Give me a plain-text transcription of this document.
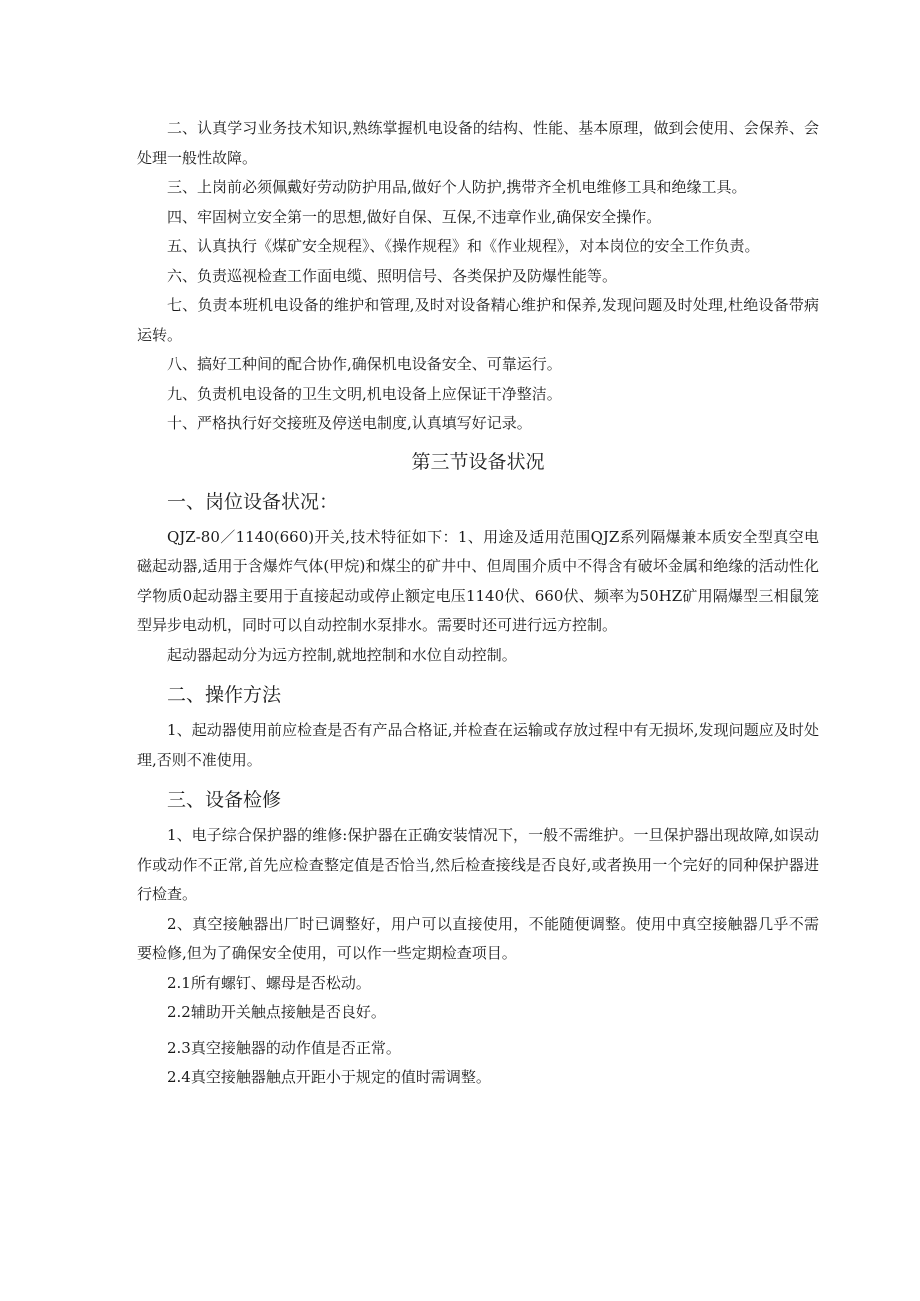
二、认真学习业务技术知识,熟练掌握机电设备的结构、性能、基本原理，做到会使用、会保养、会处理一般性故障。

三、上岗前必须佩戴好劳动防护用品,做好个人防护,携带齐全机电维修工具和绝缘工具。

四、牢固树立安全第一的思想,做好自保、互保,不违章作业,确保安全操作。

五、认真执行《煤矿安全规程》、《操作规程》和《作业规程》，对本岗位的安全工作负责。

六、负责巡视检查工作面电缆、照明信号、各类保护及防爆性能等。

七、负责本班机电设备的维护和管理,及时对设备精心维护和保养,发现问题及时处理,杜绝设备带病运转。

八、搞好工种间的配合协作,确保机电设备安全、可靠运行。

九、负责机电设备的卫生文明,机电设备上应保证干净整洁。

十、严格执行好交接班及停送电制度,认真填写好记录。

第三节设备状况
一、岗位设备状况：

QJZ-80／1140(660)开关,技术特征如下：1、用途及适用范围QJZ系列隔爆兼本质安全型真空电磁起动器,适用于含爆炸气体(甲烷)和煤尘的矿井中、但周围介质中不得含有破坏金属和绝缘的活动性化学物质0起动器主要用于直接起动或停止额定电压1140伏、660伏、频率为50HZ矿用隔爆型三相鼠笼型异步电动机，同时可以自动控制水泵排水。需要时还可进行远方控制。

起动器起动分为远方控制,就地控制和水位自动控制。

二、操作方法

1、起动器使用前应检查是否有产品合格证,并检查在运输或存放过程中有无损坏,发现问题应及时处理,否则不准使用。

三、设备检修

1、电子综合保护器的维修:保护器在正确安装情况下，一般不需维护。一旦保护器出现故障,如误动作或动作不正常,首先应检查整定值是否恰当,然后检查接线是否良好,或者换用一个完好的同种保护器进行检查。

2、真空接触器出厂时已调整好，用户可以直接使用，不能随便调整。使用中真空接触器几乎不需要检修,但为了确保安全使用，可以作一些定期检查项目。

2.1所有螺钉、螺母是否松动。

2.2辅助开关触点接触是否良好。

2.3真空接触器的动作值是否正常。

2.4真空接触器触点开距小于规定的值时需调整。
